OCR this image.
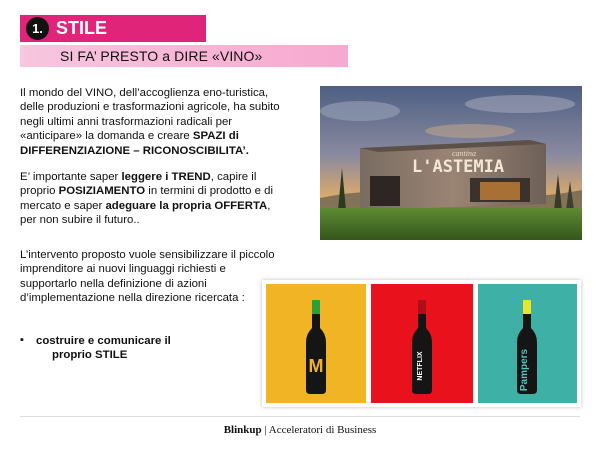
1. STILE
SI FA’ PRESTO a DIRE «VINO»
Il mondo del VINO, dell’accoglienza eno-turistica, delle produzioni e trasformazioni agricole, ha subito negli ultimi anni trasformazioni radicali per «anticipare» la domanda e creare SPAZI di DIFFERENZIAZIONE – RICONOSCIBILITA’.
E’ importante saper leggere i TREND, capire il proprio POSIZIAMENTO in termini di prodotto e di mercato e saper adeguare la propria OFFERTA, per non subire il futuro..
L’intervento proposto vuole sensibilizzare il piccolo imprenditore ai nuovi linguaggi richiesti e supportarlo nella definizione di azioni d’implementazione nella direzione ricercata :
▪ costruire e comunicare il
proprio STILE
cantina
L'ASTEMIA
M	NETFLIX	Pampers
Blinkup | Acceleratori di Business
